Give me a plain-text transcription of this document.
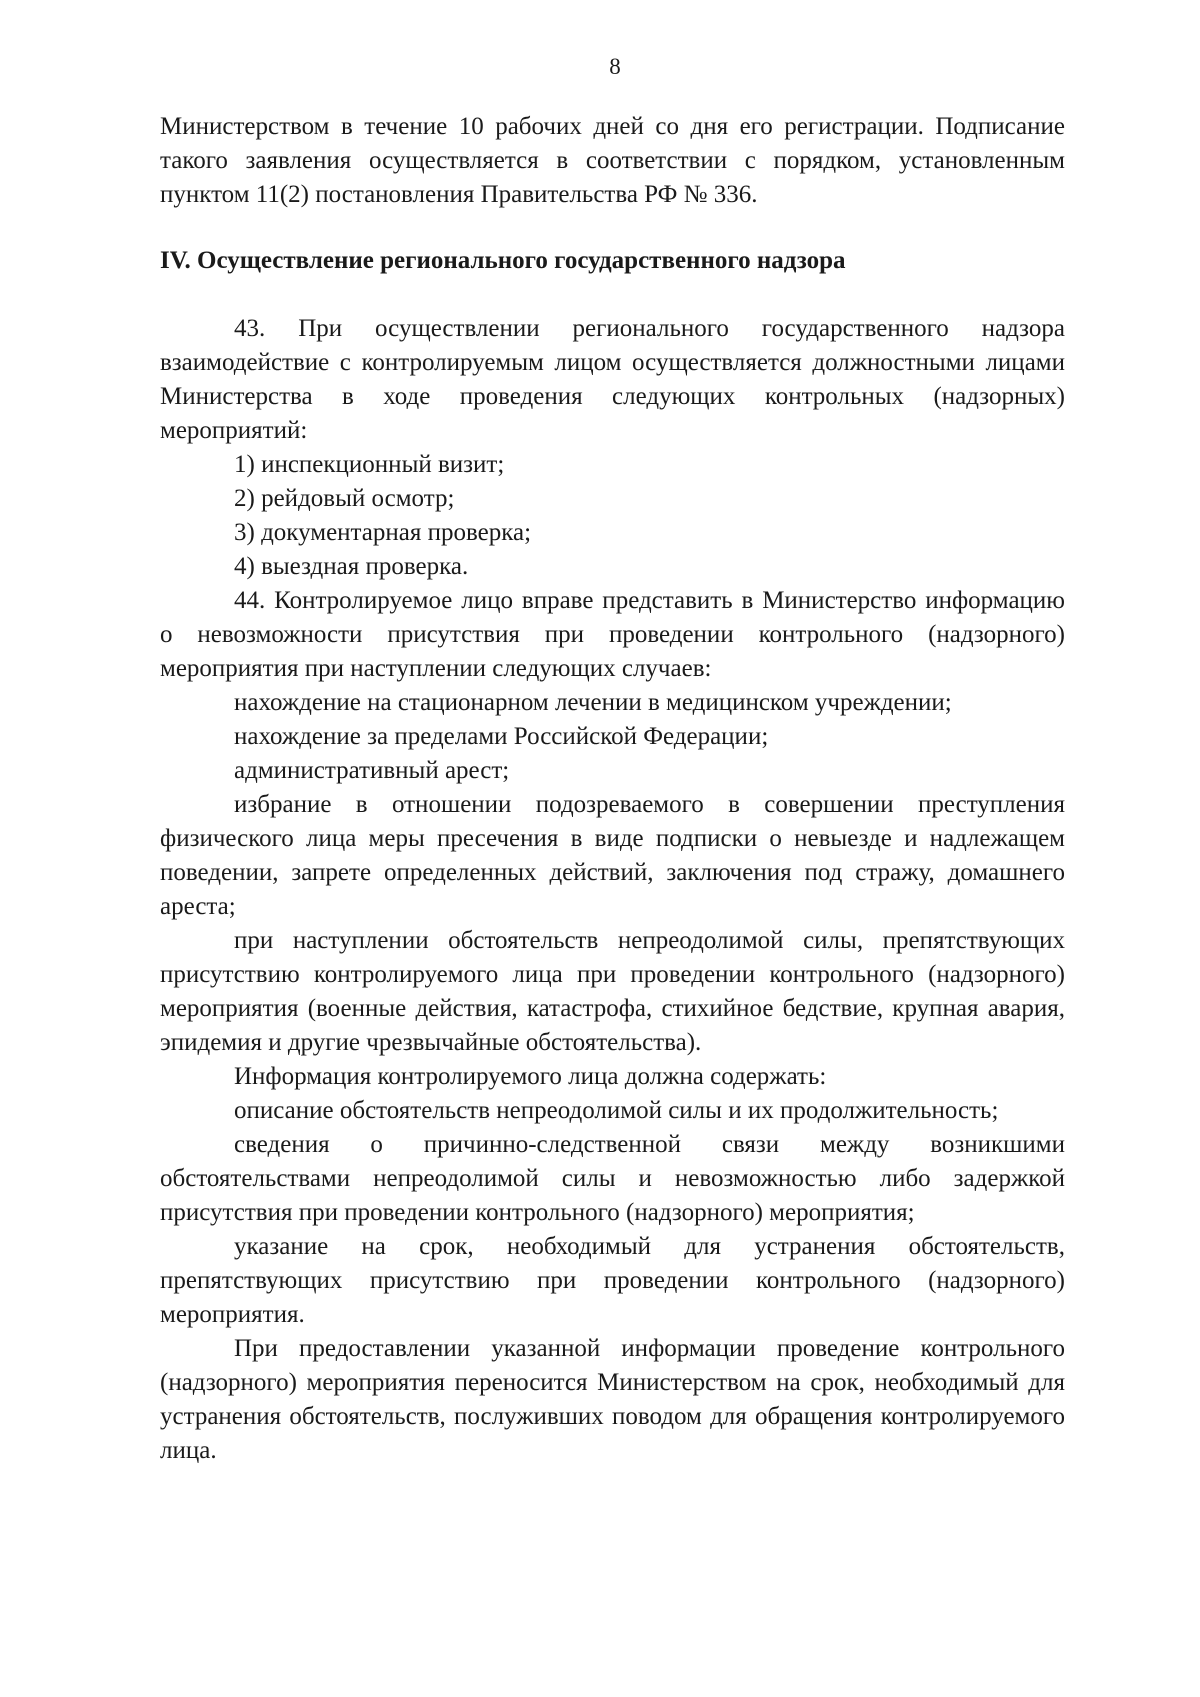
8

Министерством в течение 10 рабочих дней со дня его регистрации. Подписание такого заявления осуществляется в соответствии с порядком, установленным пунктом 11(2) постановления Правительства РФ № 336.

IV. Осуществление регионального государственного надзора

43. При осуществлении регионального государственного надзора взаимодействие с контролируемым лицом осуществляется должностными лицами Министерства в ходе проведения следующих контрольных (надзорных) мероприятий:

1) инспекционный визит;

2) рейдовый осмотр;

3) документарная проверка;

4) выездная проверка.

44. Контролируемое лицо вправе представить в Министерство информацию о невозможности присутствия при проведении контрольного (надзорного) мероприятия при наступлении следующих случаев:

нахождение на стационарном лечении в медицинском учреждении;

нахождение за пределами Российской Федерации;

административный арест;

избрание в отношении подозреваемого в совершении преступления физического лица меры пресечения в виде подписки о невыезде и надлежащем поведении, запрете определенных действий, заключения под стражу, домашнего ареста;

при наступлении обстоятельств непреодолимой силы, препятствующих присутствию контролируемого лица при проведении контрольного (надзорного) мероприятия (военные действия, катастрофа, стихийное бедствие, крупная авария, эпидемия и другие чрезвычайные обстоятельства).

Информация контролируемого лица должна содержать:

описание обстоятельств непреодолимой силы и их продолжительность;

сведения о причинно-следственной связи между возникшими обстоятельствами непреодолимой силы и невозможностью либо задержкой присутствия при проведении контрольного (надзорного) мероприятия;

указание на срок, необходимый для устранения обстоятельств, препятствующих присутствию при проведении контрольного (надзорного) мероприятия.

При предоставлении указанной информации проведение контрольного (надзорного) мероприятия переносится Министерством на срок, необходимый для устранения обстоятельств, послуживших поводом для обращения контролируемого лица.
